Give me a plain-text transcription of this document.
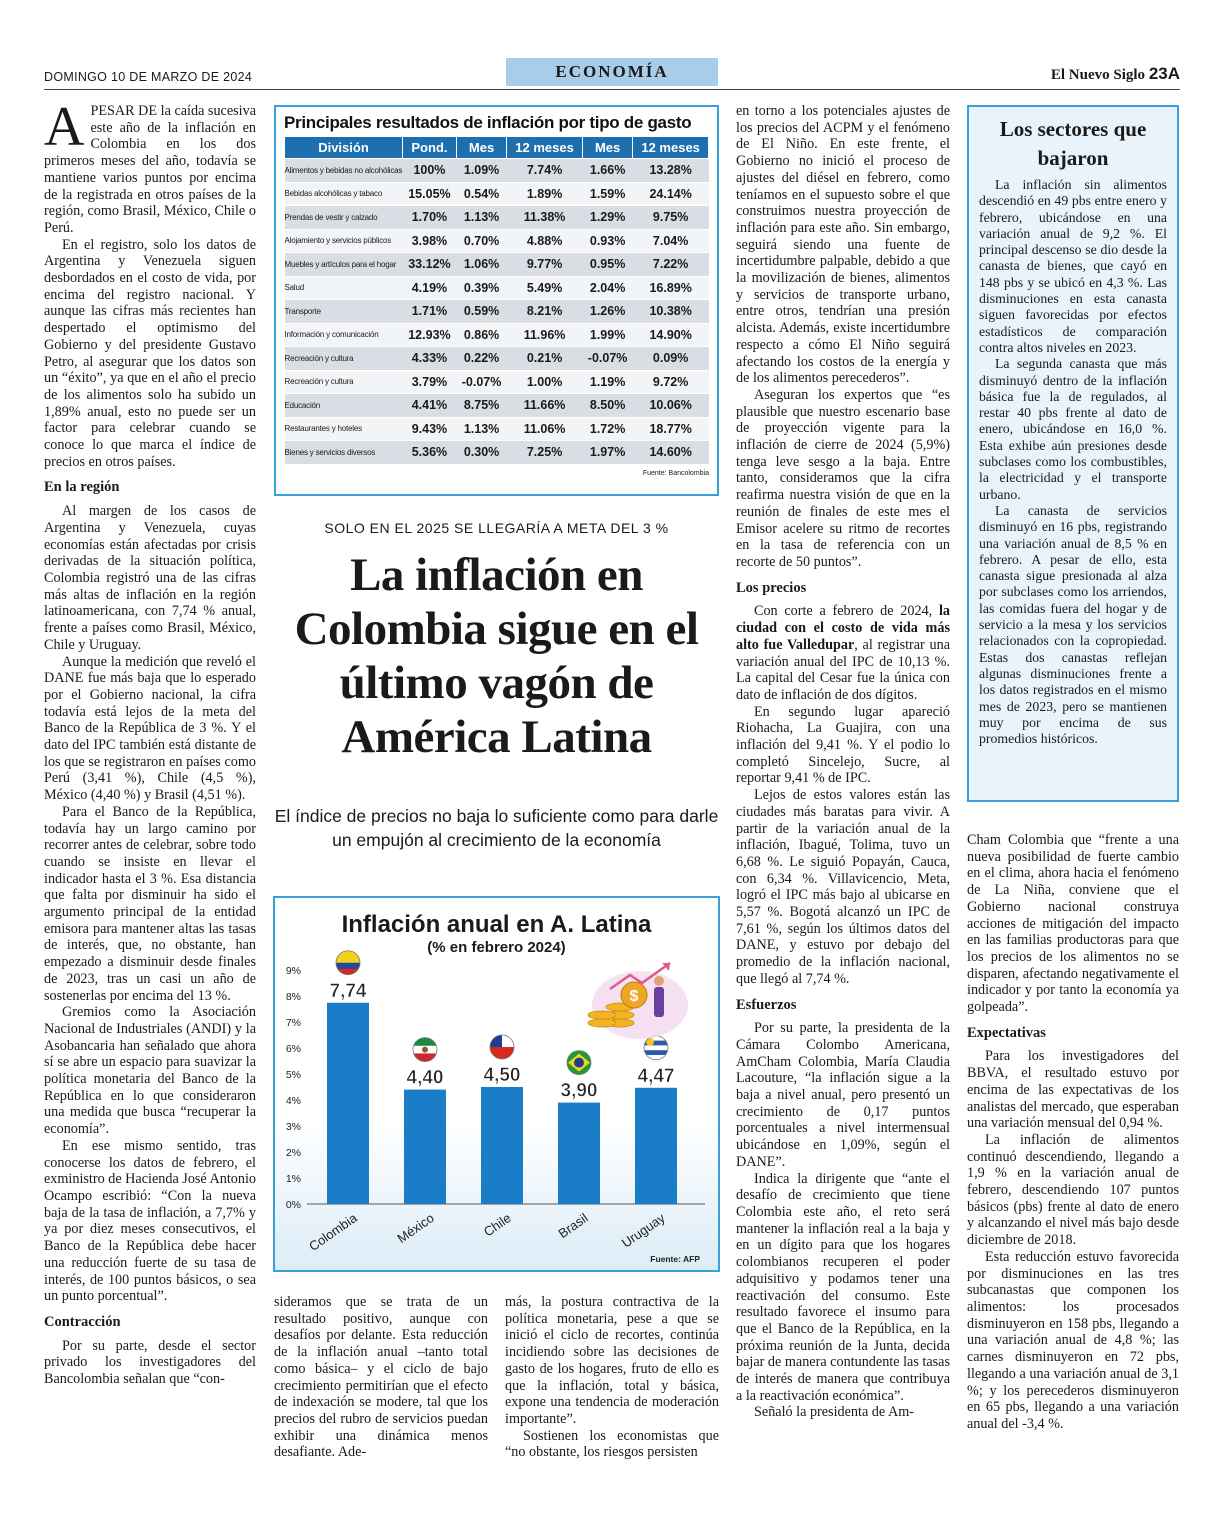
DOMINGO 10 DE MARZO DE 2024	ECONOMÍA	El Nuevo Siglo 23A

APESAR DE la caída sucesiva este año de la inflación en Colombia en los dos primeros meses del año, todavía se mantiene varios puntos por encima de la registrada en otros países de la región, como Brasil, México, Chile o Perú.

En el registro, solo los datos de Argentina y Venezuela siguen desbordados en el costo de vida, por encima del registro nacional. Y aunque las cifras más recientes han despertado el optimismo del Gobierno y del presidente Gustavo Petro, al asegurar que los datos son un “éxito”, ya que en el año el precio de los alimentos solo ha subido un 1,89% anual, esto no puede ser un factor para celebrar cuando se conoce lo que marca el índice de precios en otros países.

En la región

Al margen de los casos de Argentina y Venezuela, cuyas economías están afectadas por crisis derivadas de la situación política, Colombia registró una de las cifras más altas de inflación en la región latinoamericana, con 7,74 % anual, frente a países como Brasil, México, Chile y Uruguay.

Aunque la medición que reveló el DANE fue más baja que lo esperado por el Gobierno nacional, la cifra todavía está lejos de la meta del Banco de la República de 3 %. Y el dato del IPC también está distante de los que se registraron en países como Perú (3,41 %), Chile (4,5 %), México (4,40 %) y Brasil (4,51 %).

Para el Banco de la República, todavía hay un largo camino por recorrer antes de celebrar, sobre todo cuando se insiste en llevar el indicador hasta el 3 %. Esa distancia que falta por disminuir ha sido el argumento principal de la entidad emisora para mantener altas las tasas de interés, que, no obstante, han empezado a disminuir desde finales de 2023, tras un casi un año de sostenerlas por encima del 13 %.

Gremios como la Asociación Nacional de Industriales (ANDI) y la Asobancaria han señalado que ahora sí se abre un espacio para suavizar la política monetaria del Banco de la República en lo que consideraron una medida que busca “recuperar la economía”.

En ese mismo sentido, tras conocerse los datos de febrero, el exministro de Hacienda José Antonio Ocampo escribió: “Con la nueva baja de la tasa de inflación, a 7,7% y ya por diez meses consecutivos, el Banco de la República debe hacer una reducción fuerte de su tasa de interés, de 100 puntos básicos, o sea un punto porcentual”.

Contracción

Por su parte, desde el sector privado los investigadores del Bancolombia señalan que “con-

Principales resultados de inflación por tipo de gasto
División	Pond.	Mes	12 meses	Mes	12 meses
Alimentos y bebidas no alcohólicas	100%	1.09%	7.74%	1.66%	13.28%
Bebidas alcohólicas y tabaco	15.05%	0.54%	1.89%	1.59%	24.14%
Prendas de vestir y calzado	1.70%	1.13%	11.38%	1.29%	9.75%
Alojamiento y servicios públicos	3.98%	0.70%	4.88%	0.93%	7.04%
Muebles y artículos para el hogar	33.12%	1.06%	9.77%	0.95%	7.22%
Salud	4.19%	0.39%	5.49%	2.04%	16.89%
Transporte	1.71%	0.59%	8.21%	1.26%	10.38%
Información y comunicación	12.93%	0.86%	11.96%	1.99%	14.90%
Recreación y cultura	4.33%	0.22%	0.21%	-0.07%	0.09%
Recreación y cultura	3.79%	-0.07%	1.00%	1.19%	9.72%
Educación	4.41%	8.75%	11.66%	8.50%	10.06%
Restaurantes y hoteles	9.43%	1.13%	11.06%	1.72%	18.77%
Bienes y servicios diversos	5.36%	0.30%	7.25%	1.97%	14.60%
Fuente: Bancolombia
SOLO EN EL 2025 SE LLEGARÍA A META DEL 3 %
La inflación en Colombia sigue en el último vagón de América Latina
El índice de precios no baja lo suficiente como para darle un empujón al crecimiento de la economía
Inflación anual en A. Latina
(% en febrero 2024)
0%
1%
2%
3%
4%
5%
6%
7%
8%
9%
7,74
Colombia
4,40
México
4,50
Chile
3,90
Brasil
4,47
Uruguay
$
Fuente: AFP

sideramos que se trata de un resultado positivo, aunque con desafíos por delante. Esta reducción de la inflación anual –tanto total como básica– y el ciclo de bajo crecimiento permitirían que el efecto de indexación se modere, tal que los precios del rubro de servicios puedan exhibir una dinámica menos desafiante. Ade-

más, la postura contractiva de la política monetaria, pese a que se inició el ciclo de recortes, continúa incidiendo sobre las decisiones de gasto de los hogares, fruto de ello es que la inflación, total y básica, expone una tendencia de moderación importante”.

Sostienen los economistas que “no obstante, los riesgos persisten

en torno a los potenciales ajustes de los precios del ACPM y el fenómeno de El Niño. En este frente, el Gobierno no inició el proceso de ajustes del diésel en febrero, como teníamos en el supuesto sobre el que construimos nuestra proyección de inflación para este año. Sin embargo, seguirá siendo una fuente de incertidumbre palpable, debido a que la movilización de bienes, alimentos y servicios de transporte urbano, entre otros, tendrían una presión alcista. Además, existe incertidumbre respecto a cómo El Niño seguirá afectando los costos de la energía y de los alimentos perecederos”.

Aseguran los expertos que “es plausible que nuestro escenario base de proyección vigente para la inflación de cierre de 2024 (5,9%) tenga leve sesgo a la baja. Entre tanto, consideramos que la cifra reafirma nuestra visión de que en la reunión de finales de este mes el Emisor acelere su ritmo de recortes en la tasa de referencia con un recorte de 50 puntos”.

Los precios

Con corte a febrero de 2024, la ciudad con el costo de vida más alto fue Valledupar, al registrar una variación anual del IPC de 10,13 %. La capital del Cesar fue la única con dato de inflación de dos dígitos.

En segundo lugar apareció Riohacha, La Guajira, con una inflación del 9,41 %. Y el podio lo completó Sincelejo, Sucre, al reportar 9,41 % de IPC.

Lejos de estos valores están las ciudades más baratas para vivir. A partir de la variación anual de la inflación, Ibagué, Tolima, tuvo un 6,68 %. Le siguió Popayán, Cauca, con 6,34 %. Villavicencio, Meta, logró el IPC más bajo al ubicarse en 5,57 %. Bogotá alcanzó un IPC de 7,61 %, según los últimos datos del DANE, y estuvo por debajo del promedio de la inflación nacional, que llegó al 7,74 %.

Esfuerzos

Por su parte, la presidenta de la Cámara Colombo Americana, AmCham Colombia, María Claudia Lacouture, “la inflación sigue a la baja a nivel anual, pero presentó un crecimiento de 0,17 puntos porcentuales a nivel intermensual ubicándose en 1,09%, según el DANE”.

Indica la dirigente que “ante el desafío de crecimiento que tiene Colombia este año, el reto será mantener la inflación real a la baja y en un dígito para que los hogares colombianos recuperen el poder adquisitivo y podamos tener una reactivación del consumo. Este resultado favorece el insumo para que el Banco de la República, en la próxima reunión de la Junta, decida bajar de manera contundente las tasas de interés de manera que contribuya a la reactivación económica”.

Señaló la presidenta de Am-

Los sectores que bajaron

La inflación sin alimentos descendió en 49 pbs entre enero y febrero, ubicándose en una variación anual de 9,2 %. El principal descenso se dio desde la canasta de bienes, que cayó en 148 pbs y se ubicó en 4,3 %. Las disminuciones en esta canasta siguen favorecidas por efectos estadísticos de comparación contra altos niveles en 2023.

La segunda canasta que más disminuyó dentro de la inflación básica fue la de regulados, al restar 40 pbs frente al dato de enero, ubicándose en 16,0 %. Esta exhibe aún presiones desde subclases como los combustibles, la electricidad y el transporte urbano.

La canasta de servicios disminuyó en 16 pbs, registrando una variación anual de 8,5 % en febrero. A pesar de ello, esta canasta sigue presionada al alza por subclases como los arriendos, las comidas fuera del hogar y de servicio a la mesa y los servicios relacionados con la copropiedad. Estas dos canastas reflejan algunas disminuciones frente a los datos registrados en el mismo mes de 2023, pero se mantienen muy por encima de sus promedios históricos.

Cham Colombia que “frente a una nueva posibilidad de fuerte cambio en el clima, ahora hacia el fenómeno de La Niña, conviene que el Gobierno nacional construya acciones de mitigación del impacto en las familias productoras para que los precios de los alimentos no se disparen, afectando negativamente el indicador y por tanto la economía ya golpeada”.

Expectativas

Para los investigadores del BBVA, el resultado estuvo por encima de las expectativas de los analistas del mercado, que esperaban una variación mensual del 0,94 %.

La inflación de alimentos continuó descendiendo, llegando a 1,9 % en la variación anual de febrero, descendiendo 107 puntos básicos (pbs) frente al dato de enero y alcanzando el nivel más bajo desde diciembre de 2018.

Esta reducción estuvo favorecida por disminuciones en las tres subcanastas que componen los alimentos: los procesados disminuyeron en 158 pbs, llegando a una variación anual de 4,8 %; las carnes disminuyeron en 72 pbs, llegando a una variación anual de 3,1 %; y los perecederos disminuyeron en 65 pbs, llegando a una variación anual del -3,4 %.
